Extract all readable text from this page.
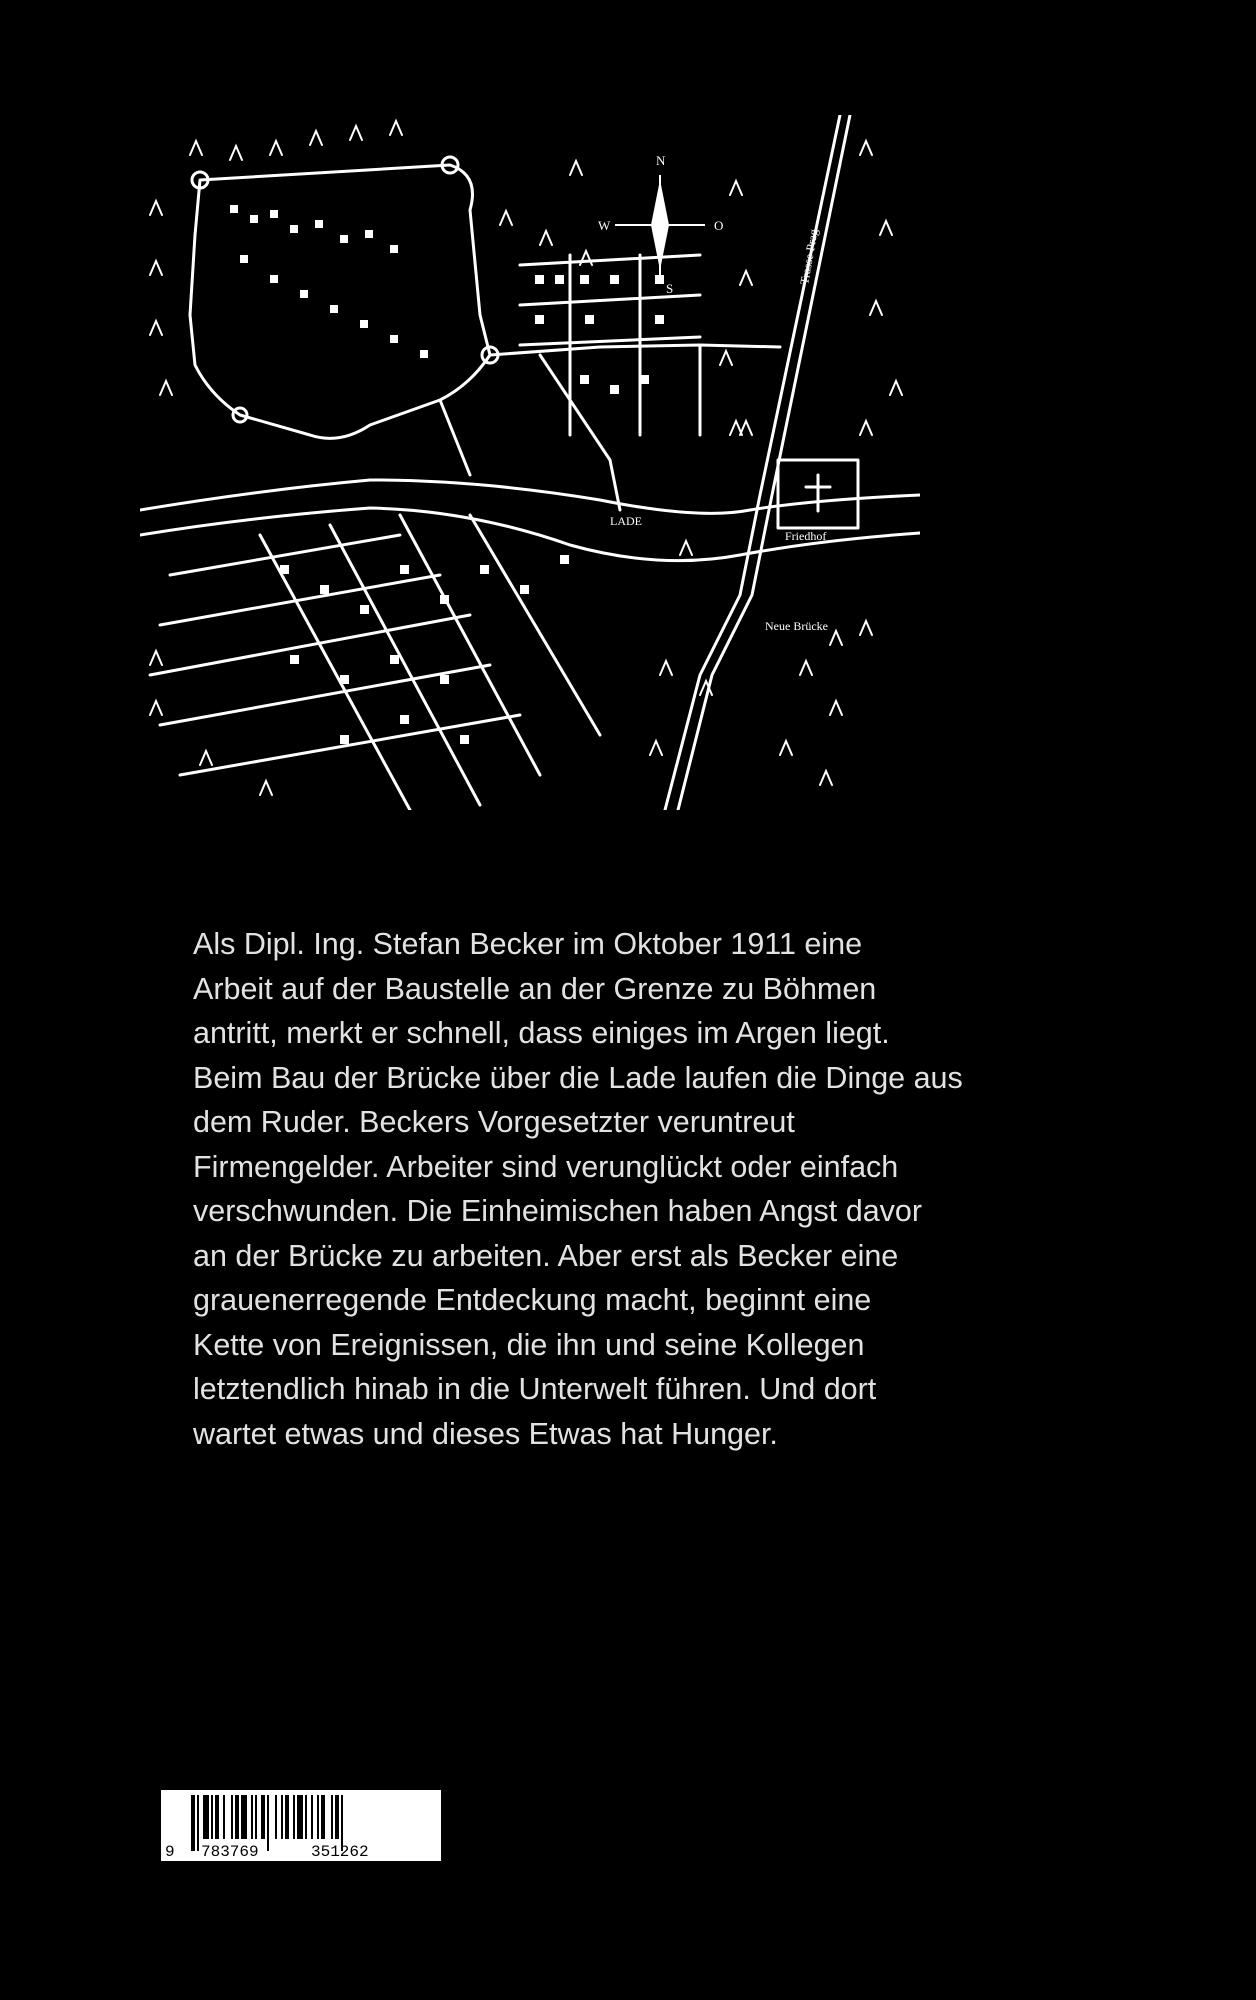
N
W	O
S
Trasse Prag
LADE
Friedhof
Neue Brücke

Als Dipl. Ing. Stefan Becker im Oktober 1911 eine
Arbeit auf der Baustelle an der Grenze zu Böhmen
antritt, merkt er schnell, dass einiges im Argen liegt.
Beim Bau der Brücke über die Lade laufen die Dinge aus
dem Ruder. Beckers Vorgesetzter veruntreut
Firmengelder. Arbeiter sind verunglückt oder einfach
verschwunden. Die Einheimischen haben Angst davor
an der Brücke zu arbeiten. Aber erst als Becker eine
grauenerregende Entdeckung macht, beginnt eine
Kette von Ereignissen, die ihn und seine Kollegen
letztendlich hinab in die Unterwelt führen. Und dort
wartet etwas und dieses Etwas hat Hunger.

9 783769	351262
